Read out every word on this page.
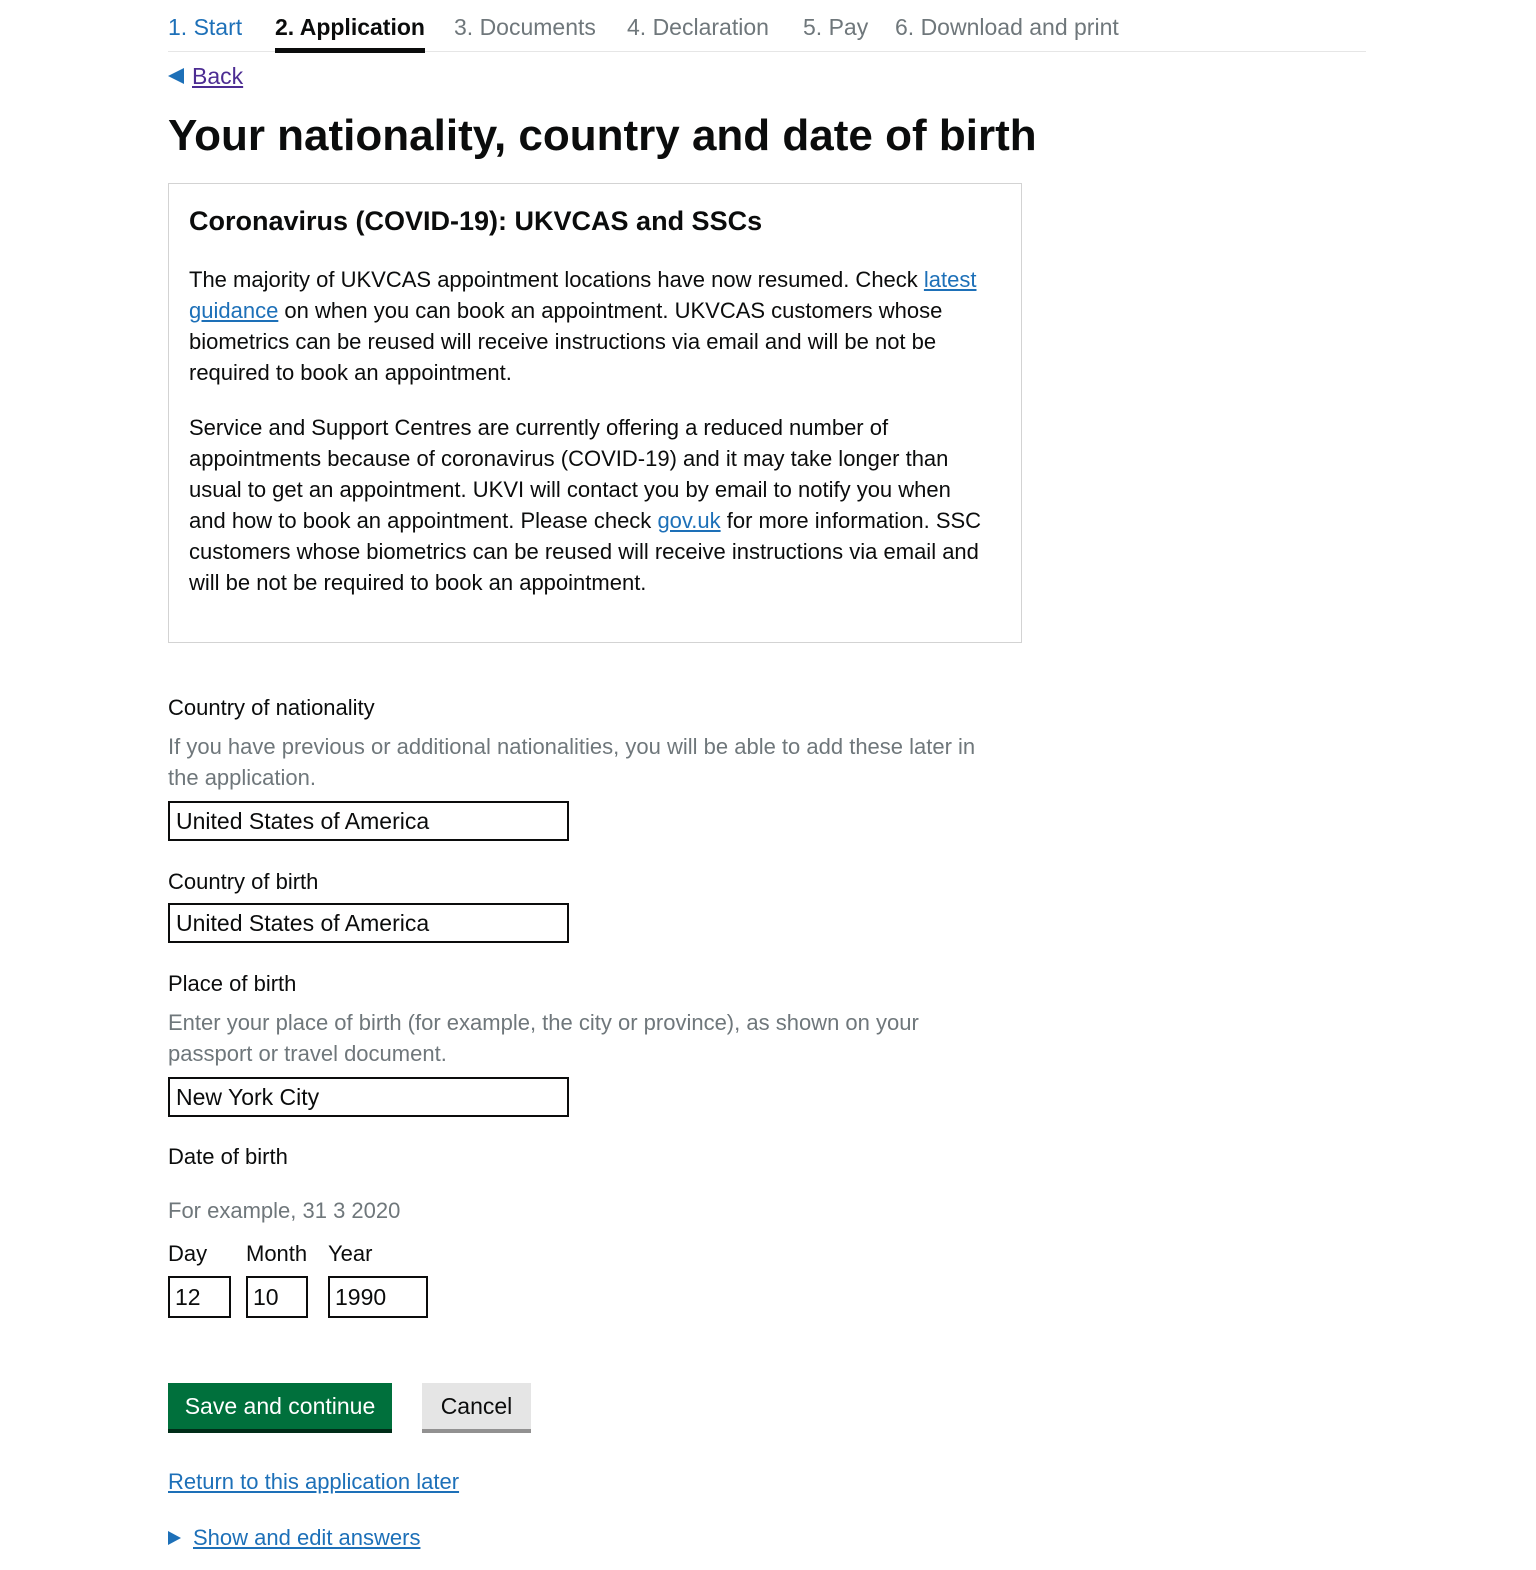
1. Start 2. Application 3. Documents 4. Declaration 5. Pay 6. Download and print
Back
Your nationality, country and date of birth
Coronavirus (COVID-19): UKVCAS and SSCs

The majority of UKVCAS appointment locations have now resumed. Check latest guidance on when you can book an appointment. UKVCAS customers whose biometrics can be reused will receive instructions via email and will be not be required to book an appointment.

Service and Support Centres are currently offering a reduced number of appointments because of coronavirus (COVID-19) and it may take longer than usual to get an appointment. UKVI will contact you by email to notify you when and how to book an appointment. Please check gov.uk for more information. SSC customers whose biometrics can be reused will receive instructions via email and will be not be required to book an appointment.

Country of nationality
If you have previous or additional nationalities, you will be able to add these later in the application.
United States of America
Country of birth
United States of America
Place of birth
Enter your place of birth (for example, the city or province), as shown on your passport or travel document.
New York City
Date of birth
For example, 31 3 2020
Day Month Year
12	10	1990
Save and continue	Cancel
Return to this application later
Show and edit answers
